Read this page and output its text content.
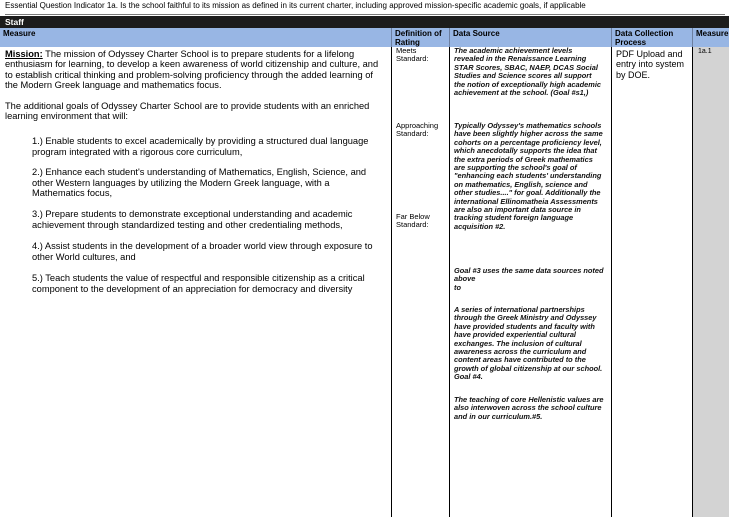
Essential Question Indicator 1a. Is the school faithful to its mission as defined in its current charter, including approved mission-specific academic goals, if applicable
Staff
Measure	Definition of Rating
Data Source	Data Collection Process
Measure

Mission: The mission of Odyssey Charter School is to prepare students for a lifelong enthusiasm for learning, to develop a keen awareness of world citizenship and culture, and to establish critical thinking and problem-solving proficiency through the added learning of the Modern Greek language and mathematics focus.

The additional goals of Odyssey Charter School are to provide students with an enriched learning environment that will:

1.) Enable students to excel academically by providing a structured dual language program integrated with a rigorous core curriculum,

2.) Enhance each student's understanding of Mathematics, English, Science, and other Western languages by utilizing the Modern Greek language, with a Mathematics focus,

3.) Prepare students to demonstrate exceptional understanding and academic achievement through standardized testing and other credentialing methods,

4.) Assist students in the development of a broader world view through exposure to other World cultures, and

5.) Teach students the value of respectful and responsible citizenship as a critical component to the development of an appreciation for democracy and diversity

Meets Standard:
Approaching Standard:
Far Below Standard:
The academic achievement levels revealed in the Renaissance Learning STAR Scores, SBAC, NAEP, DCAS Social Studies and Science scores all support the notion of exceptionally high academic achievement at the school. (Goal #s1,)
Typically Odyssey's mathematics schools have been slightly higher across the same cohorts on a percentage proficiency level, which anecdotally supports the idea that the extra periods of Greek mathematics are supporting the school's goal of "enhancing each students' understanding on mathematics, English, science and other studies...." for goal. Additionally the international Ellinomatheia Assessments are also an important data source in tracking student foreign language acquisition #2.

Goal #3 uses the same data sources noted above

to

A series of international partnerships through the Greek Ministry and Odyssey have provided students and faculty with have provided experiential cultural exchanges. The inclusion of cultural awareness across the curriculum and content areas have contributed to the growth of global citizenship at our school. Goal #4.
The teaching of core Hellenistic values are also interwoven across the school culture and in our curriculum.#5.
PDF Upload and entry into system by DOE.
1a.1
